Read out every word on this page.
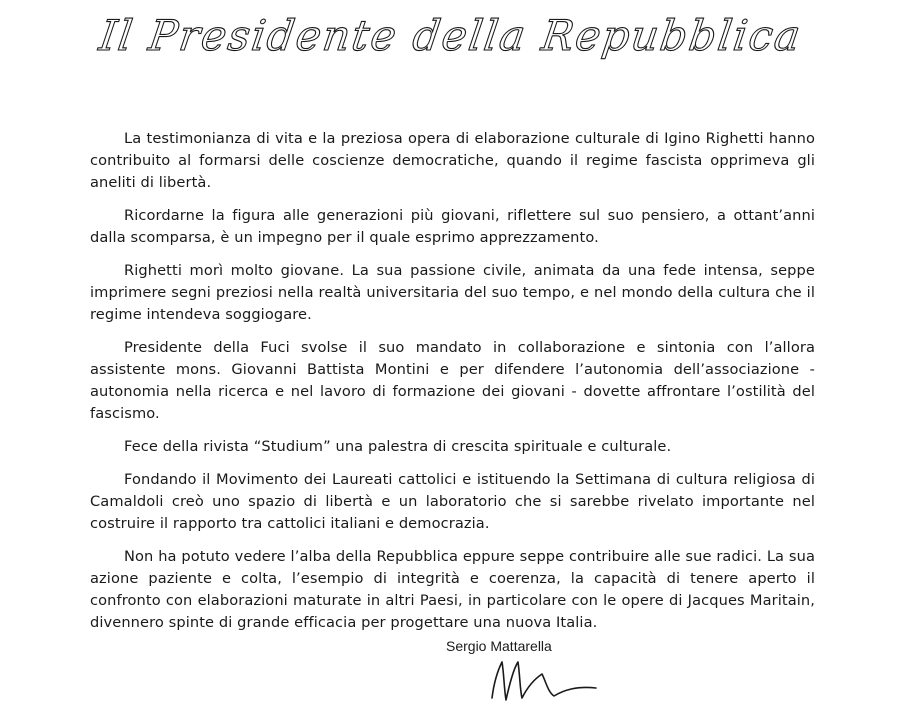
Il Presidente della Repubblica

La testimonianza di vita e la preziosa opera di elaborazione culturale di Igino Righetti hanno contribuito al formarsi delle coscienze democratiche, quando il regime fascista opprimeva gli aneliti di libertà.

Ricordarne la figura alle generazioni più giovani, riflettere sul suo pensiero, a ottant’anni dalla scomparsa, è un impegno per il quale esprimo apprezzamento.

Righetti morì molto giovane. La sua passione civile, animata da una fede intensa, seppe imprimere segni preziosi nella realtà universitaria del suo tempo, e nel mondo della cultura che il regime intendeva soggiogare.

Presidente della Fuci svolse il suo mandato in collaborazione e sintonia con l’allora assistente mons. Giovanni Battista Montini e per difendere l’autonomia dell’associazione - autonomia nella ricerca e nel lavoro di formazione dei giovani - dovette affrontare l’ostilità del fascismo.

Fece della rivista “Studium” una palestra di crescita spirituale e culturale.

Fondando il Movimento dei Laureati cattolici e istituendo la Settimana di cultura religiosa di Camaldoli creò uno spazio di libertà e un laboratorio che si sarebbe rivelato importante nel costruire il rapporto tra cattolici italiani e democrazia.

Non ha potuto vedere l’alba della Repubblica eppure seppe contribuire alle sue radici. La sua azione paziente e colta, l’esempio di integrità e coerenza, la capacità di tenere aperto il confronto con elaborazioni maturate in altri Paesi, in particolare con le opere di Jacques Maritain, divennero spinte di grande efficacia per progettare una nuova Italia.

Sergio Mattarella
